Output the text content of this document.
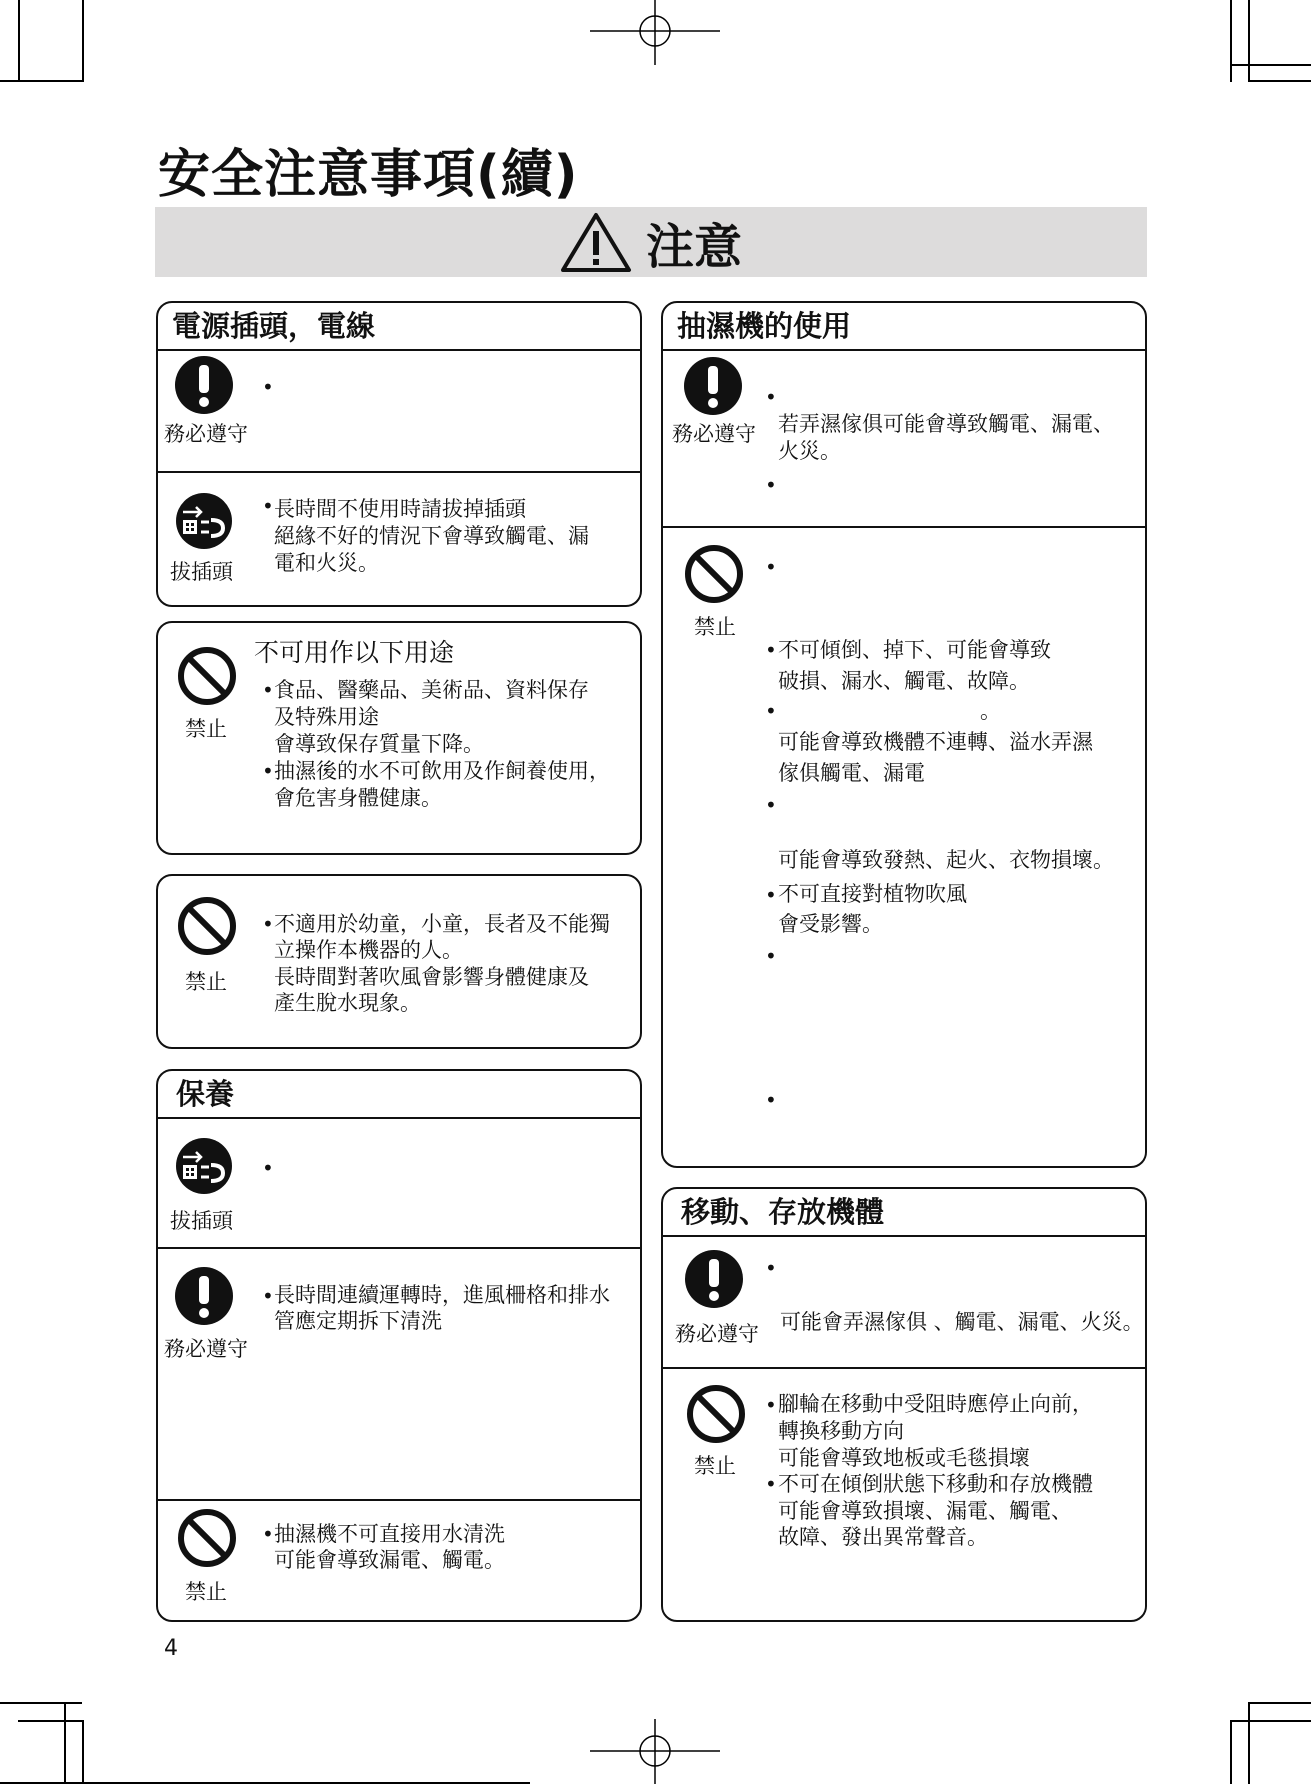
安全注意事項(續)
注意
電源插頭，電線
務必遵守
•
拔插頭
• 長時間不使用時請拔掉插頭
絕緣不好的情況下會導致觸電、漏
電和火災。
禁止
不可用作以下用途
• 食品、醫藥品、美術品、資料保存
及特殊用途
會導致保存質量下降。
• 抽濕後的水不可飲用及作飼養使用，
會危害身體健康。
禁止
• 不適用於幼童，小童，長者及不能獨
立操作本機器的人。
長時間對著吹風會影響身體健康及
產生脫水現象。
保養
拔插頭
•
務必遵守
• 長時間連續運轉時，進風柵格和排水
管應定期拆下清洗
禁止
• 抽濕機不可直接用水清洗
可能會導致漏電、觸電。
抽濕機的使用
務必遵守
•
若弄濕傢俱可能會導致觸電、漏電、
火災。
•
禁止
•
• 不可傾倒、掉下、可能會導致
破損、漏水、觸電、故障。
•	。
可能會導致機體不連轉、溢水弄濕
傢俱觸電、漏電
•
可能會導致發熱、起火、衣物損壞。
• 不可直接對植物吹風
會受影響。
•
•
移動、存放機體
務必遵守
•
可能會弄濕傢俱 、觸電、漏電、火災。
禁止
• 腳輪在移動中受阻時應停止向前，
轉換移動方向
可能會導致地板或毛毯損壞
• 不可在傾倒狀態下移動和存放機體
可能會導致損壞、漏電、觸電、
故障、發出異常聲音。
4
